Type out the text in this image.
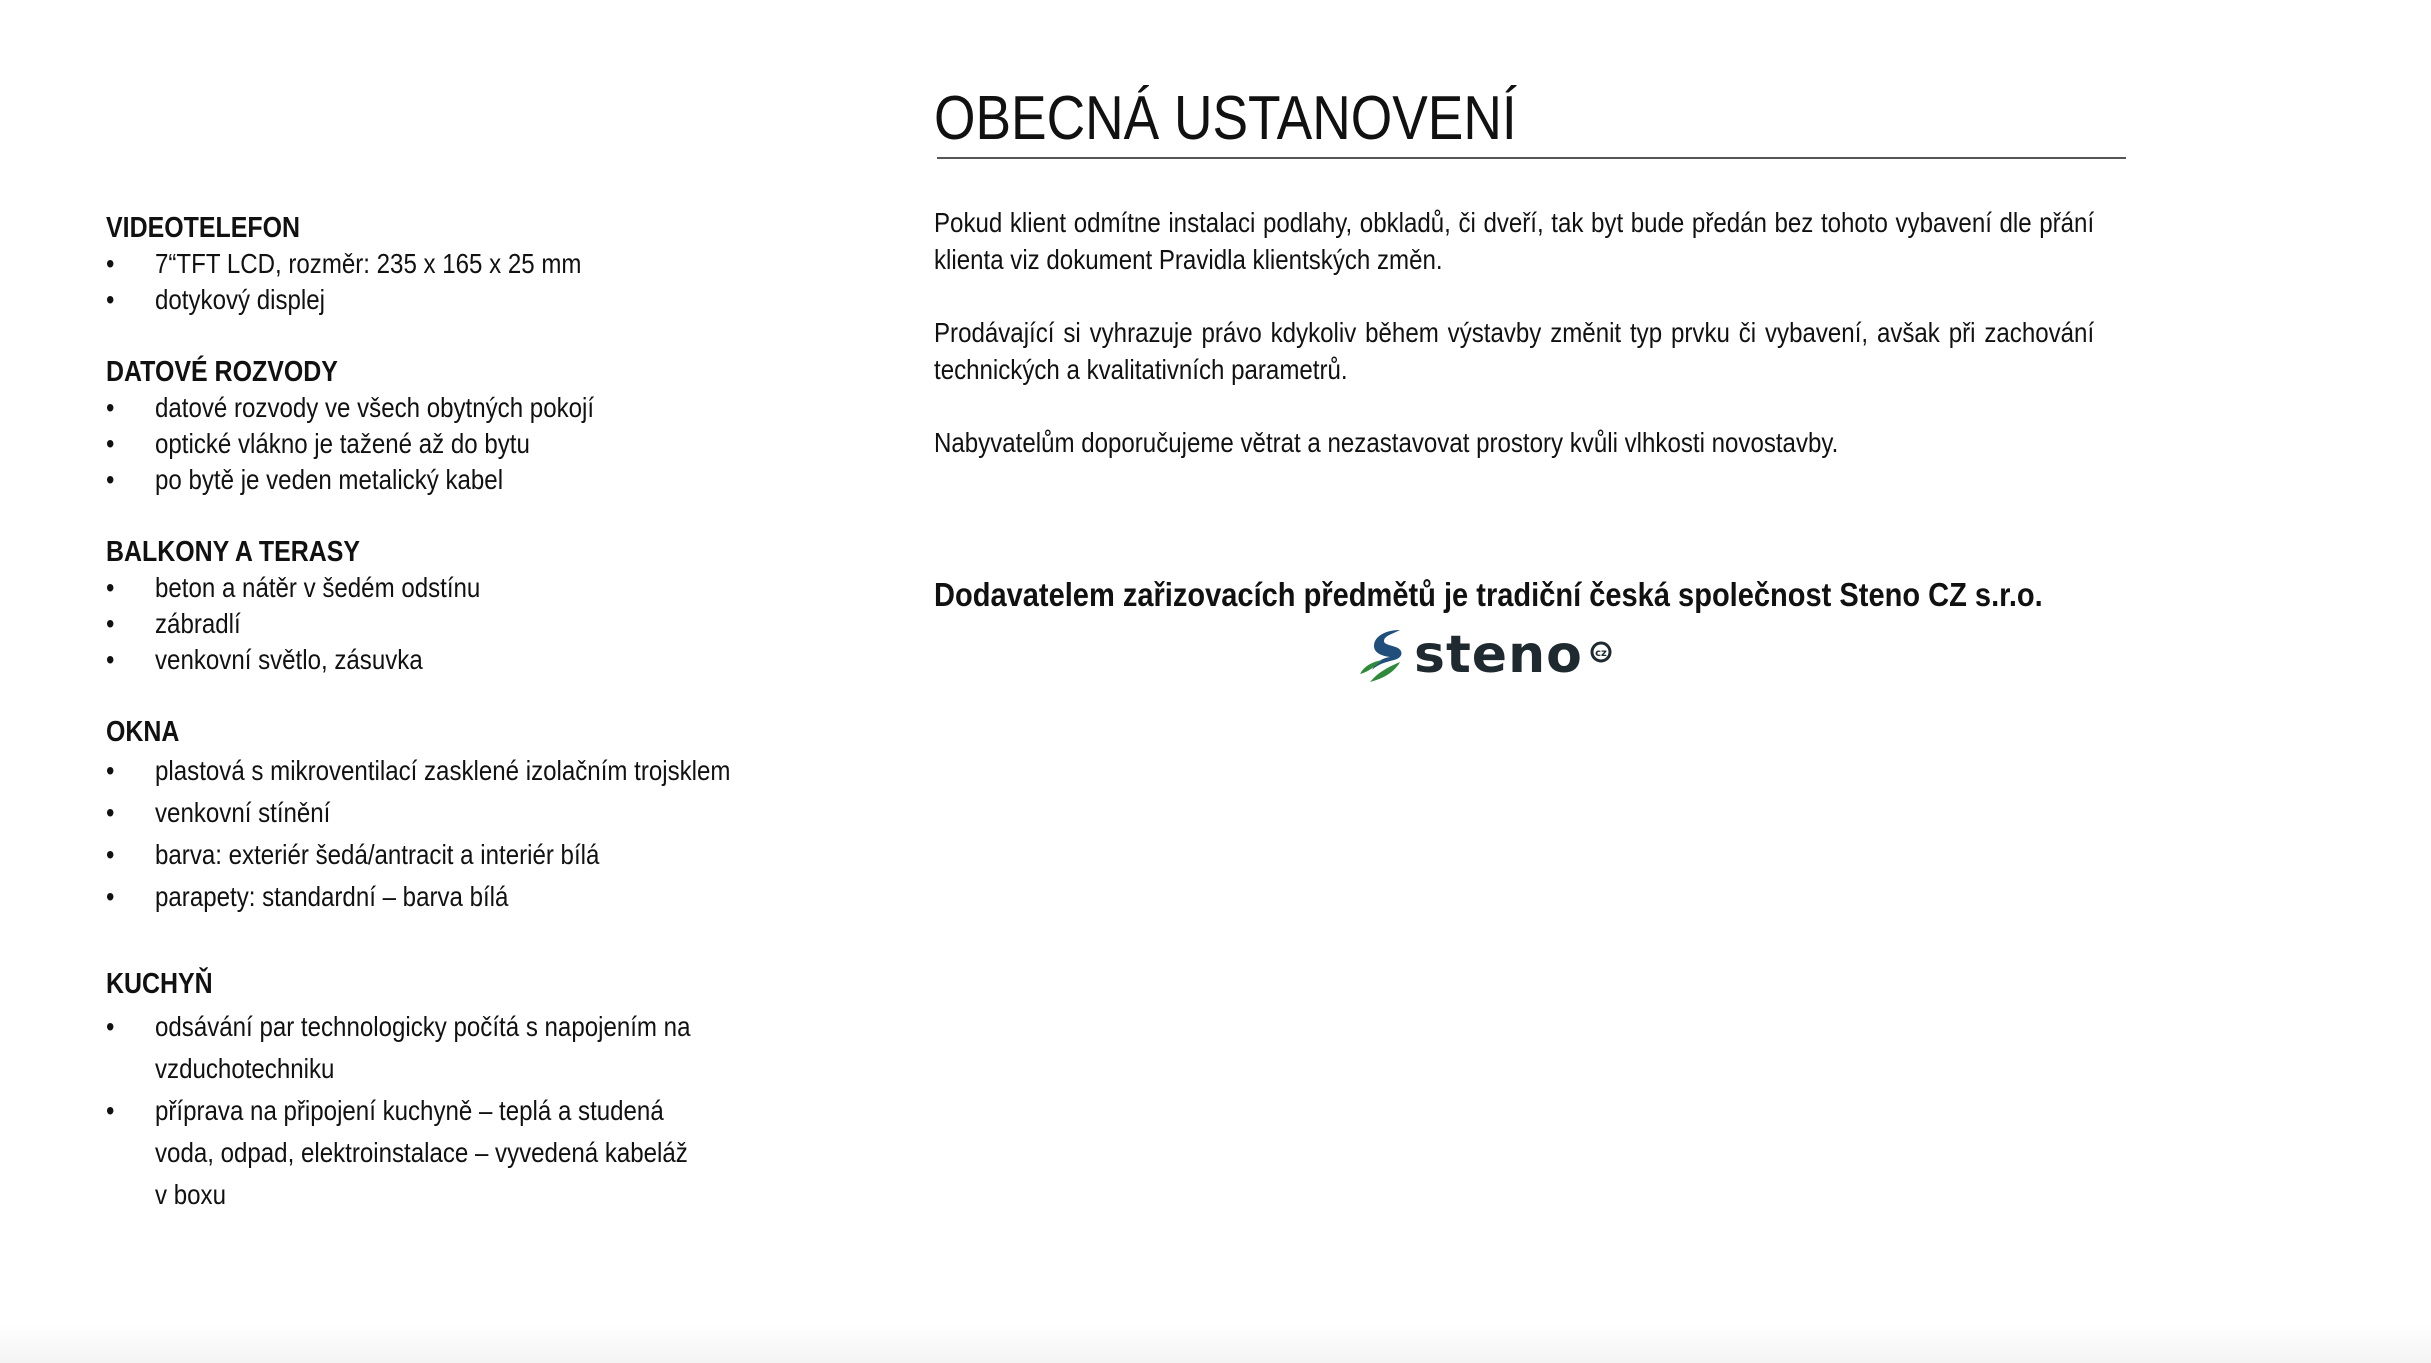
VIDEOTELEFON
• 7“TFT LCD, rozměr: 235 x 165 x 25 mm
• dotykový displej
DATOVÉ ROZVODY
• datové rozvody ve všech obytných pokojí
• optické vlákno je tažené až do bytu
• po bytě je veden metalický kabel
BALKONY A TERASY
• beton a nátěr v šedém odstínu
• zábradlí
• venkovní světlo, zásuvka
OKNA
• plastová s mikroventilací zasklené izolačním trojsklem
• venkovní stínění
• barva: exteriér šedá/antracit a interiér bílá
• parapety: standardní – barva bílá
KUCHYŇ
• odsávání par technologicky počítá s napojením na vzduchotechniku
• příprava na připojení kuchyně – teplá a studená voda, odpad, elektroinstalace – vyvedená kabeláž v boxu
OBECNÁ USTANOVENÍ

Pokud klient odmítne instalaci podlahy, obkladů, či dveří, tak byt bude předán bez tohoto vybavení dle přání klienta viz dokument Pravidla klientských změn.

Prodávající si vyhrazuje právo kdykoliv během výstavby změnit typ prvku či vybavení, avšak při zachování technických a kvalitativních parametrů.

Nabyvatelům doporučujeme větrat a nezastavovat prostory kvůli vlhkosti novostavby.

Dodavatelem zařizovacích předmětů je tradiční česká společnost Steno CZ s.r.o.

steno cz
